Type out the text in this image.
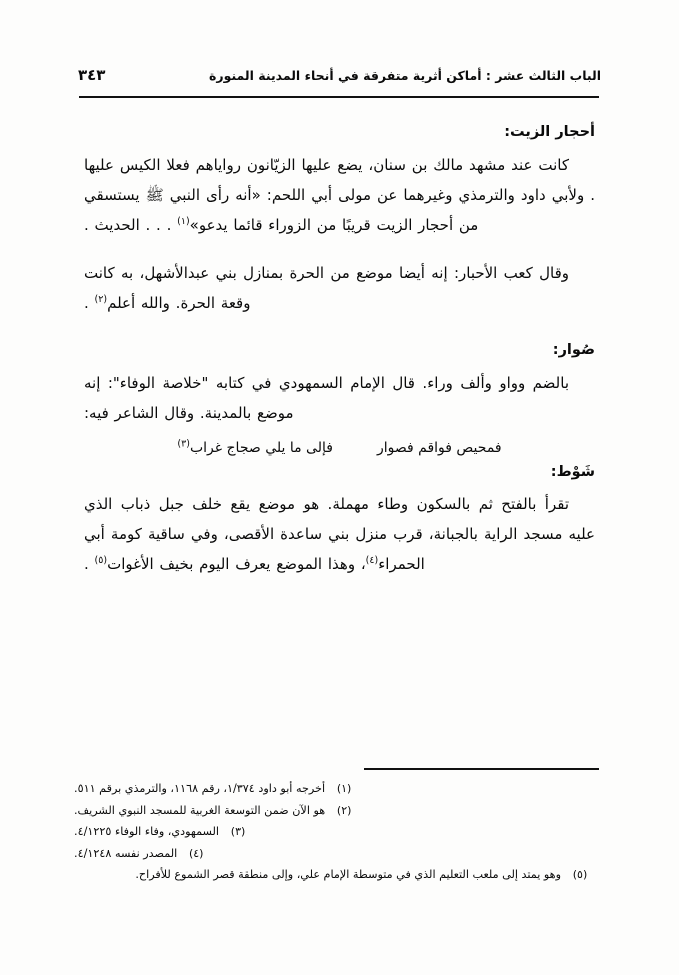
الباب الثالث عشر : أماكن أثرية متفرقة في أنحاء المدينة المنورة
٣٤٣
أحجار الزيت:

كانت عند مشهد مالك بن سنان، يضع عليها الزيّانون رواياهم فعلا الكيس عليها . ولأبي داود والترمذي وغيرهما عن مولى أبي اللحم: «أنه رأى النبي ﷺ يستسقي من أحجار الزيت قريبًا من الزوراء قائما يدعو»$^{(١)}$ . . . الحديث .

وقال كعب الأحبار: إنه أيضا موضع من الحرة بمنازل بني عبدالأشهل، به كانت وقعة الحرة. والله أعلم$^{(٢)}$ .

صُوار:

بالضم وواو وألف وراء. قال الإمام السمهودي في كتابه "خلاصة الوفاء": إنه موضع بالمدينة. وقال الشاعر فيه:

فمحيص فواقم فصوار
فإلى ما يلي صجاج غراب$^{(٣)}$
شَوْط:

تقرأ بالفتح ثم بالسكون وطاء مهملة. هو موضع يقع خلف جبل ذباب الذي عليه مسجد الراية بالجبانة، قرب منزل بني ساعدة الأقصى، وفي ساقية كومة أبي الحمراء$^{(٤)}$، وهذا الموضع يعرف اليوم بخيف الأغوات$^{(٥)}$ .

(١)
أخرجه أبو داود ١/٣٧٤، رقم ١١٦٨، والترمذي برقم ٥١١.
(٢)
هو الآن ضمن التوسعة الغربية للمسجد النبوي الشريف.
(٣)
السمهودي، وفاء الوفاء ٤/١٢٢٥.
(٤)
المصدر نفسه ٤/١٢٤٨.
(٥)
وهو يمتد إلى ملعب التعليم الذي في متوسطة الإمام علي، وإلى منطقة قصر الشموع للأفراح.
